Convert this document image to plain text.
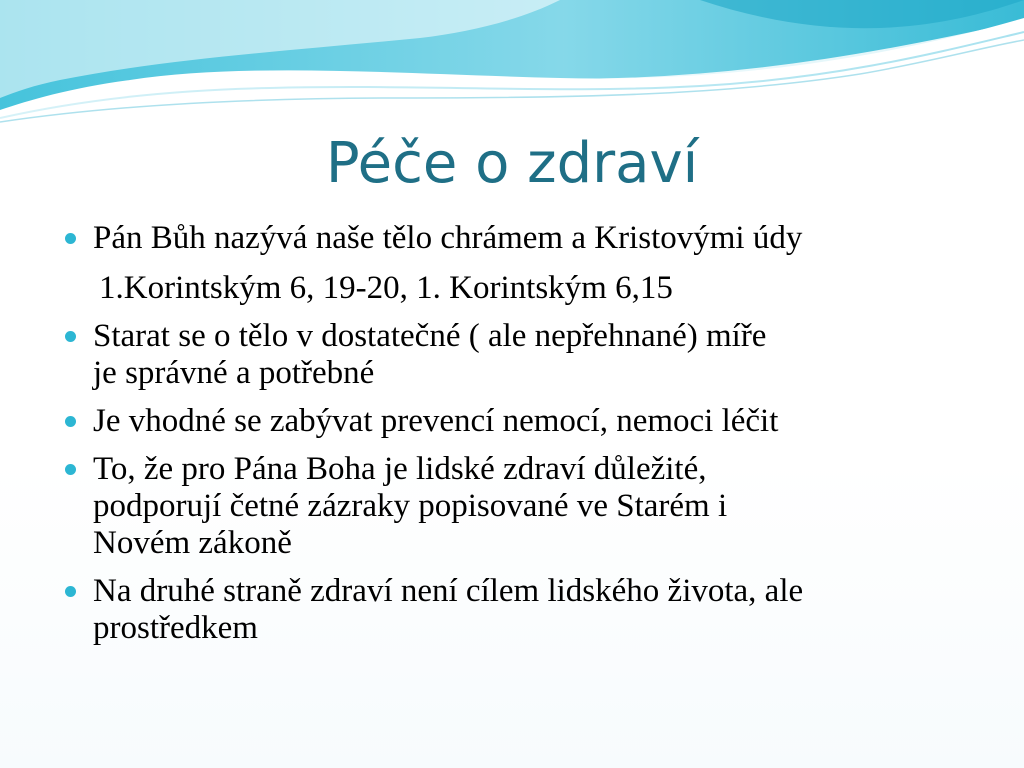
Péče o zdraví
Pán Bůh nazývá naše tělo chrámem a Kristovými údy
1.Korintským 6, 19-20, 1. Korintským 6,15
Starat se o tělo v dostatečné ( ale nepřehnané) míře
je správné a potřebné
Je vhodné se zabývat prevencí nemocí, nemoci léčit
To, že pro Pána Boha je lidské zdraví důležité,
podporují četné zázraky popisované ve Starém i
Novém zákoně
Na druhé straně zdraví není cílem lidského života, ale
prostředkem
